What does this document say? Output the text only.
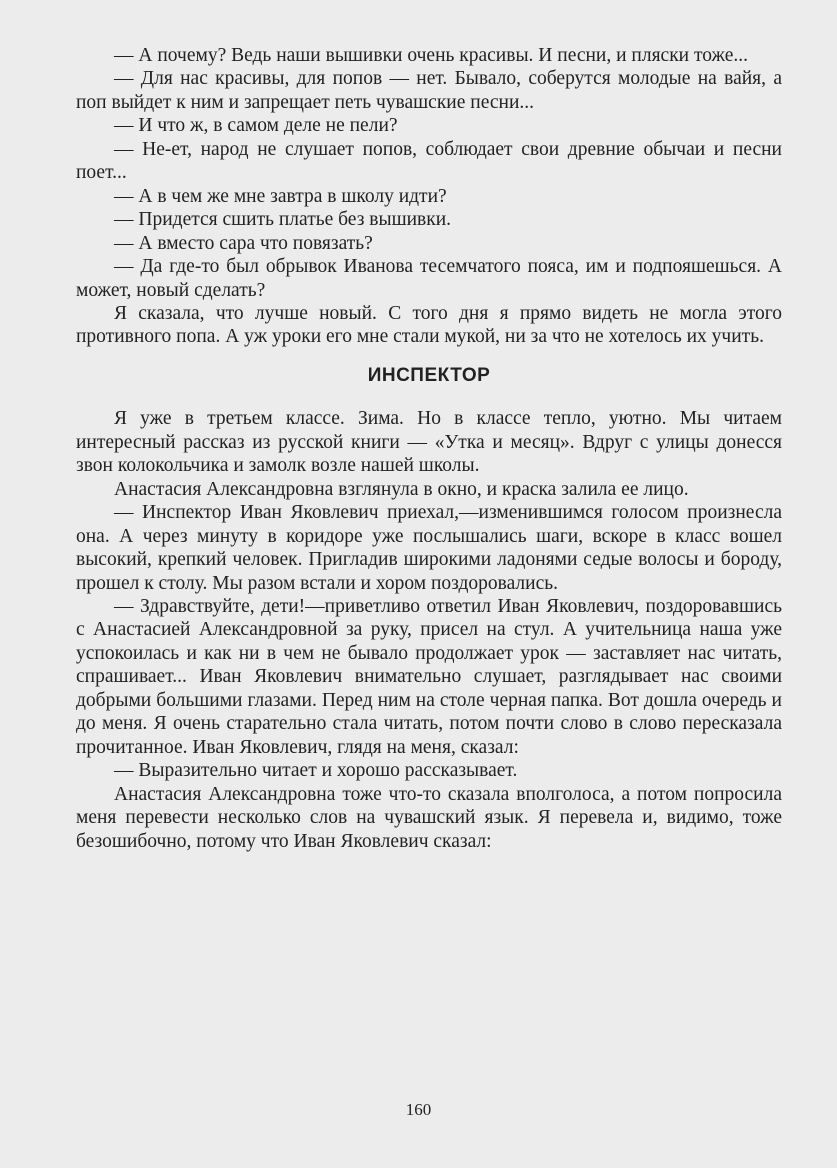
— А почему? Ведь наши вышивки очень красивы. И песни, и пляски тоже...

— Для нас красивы, для попов — нет. Бывало, соберутся молодые на вайя, а поп выйдет к ним и запрещает петь чувашские песни...

— И что ж, в самом деле не пели?

— Не-ет, народ не слушает попов, соблюдает свои древние обычаи и песни поет...

— А в чем же мне завтра в школу идти?

— Придется сшить платье без вышивки.

— А вместо сара что повязать?

— Да где-то был обрывок Иванова тесемчатого пояса, им и подпояшешься. А может, новый сделать?

Я сказала, что лучше новый. С того дня я прямо видеть не могла этого противного попа. А уж уроки его мне стали мукой, ни за что не хотелось их учить.

ИНСПЕКТОР

Я уже в третьем классе. Зима. Но в классе тепло, уютно. Мы читаем интересный рассказ из русской книги — «Утка и месяц». Вдруг с улицы донесся звон колокольчика и замолк возле нашей школы.

Анастасия Александровна взглянула в окно, и краска залила ее лицо.

— Инспектор Иван Яковлевич приехал,—изменившимся голосом произнесла она. А через минуту в коридоре уже послышались шаги, вскоре в класс вошел высокий, крепкий человек. Пригладив широкими ладонями седые волосы и бороду, прошел к столу. Мы разом встали и хором поздоровались.

— Здравствуйте, дети!—приветливо ответил Иван Яковлевич, поздоровавшись с Анастасией Александровной за руку, присел на стул. А учительница наша уже успокоилась и как ни в чем не бывало продолжает урок — заставляет нас читать, спрашивает... Иван Яковлевич внимательно слушает, разглядывает нас своими добрыми большими глазами. Перед ним на столе черная папка. Вот дошла очередь и до меня. Я очень старательно стала читать, потом почти слово в слово пересказала прочитанное. Иван Яковлевич, глядя на меня, сказал:

— Выразительно читает и хорошо рассказывает.

Анастасия Александровна тоже что-то сказала вполголоса, а потом попросила меня перевести несколько слов на чувашский язык. Я перевела и, видимо, тоже безошибочно, потому что Иван Яковлевич сказал:

160
